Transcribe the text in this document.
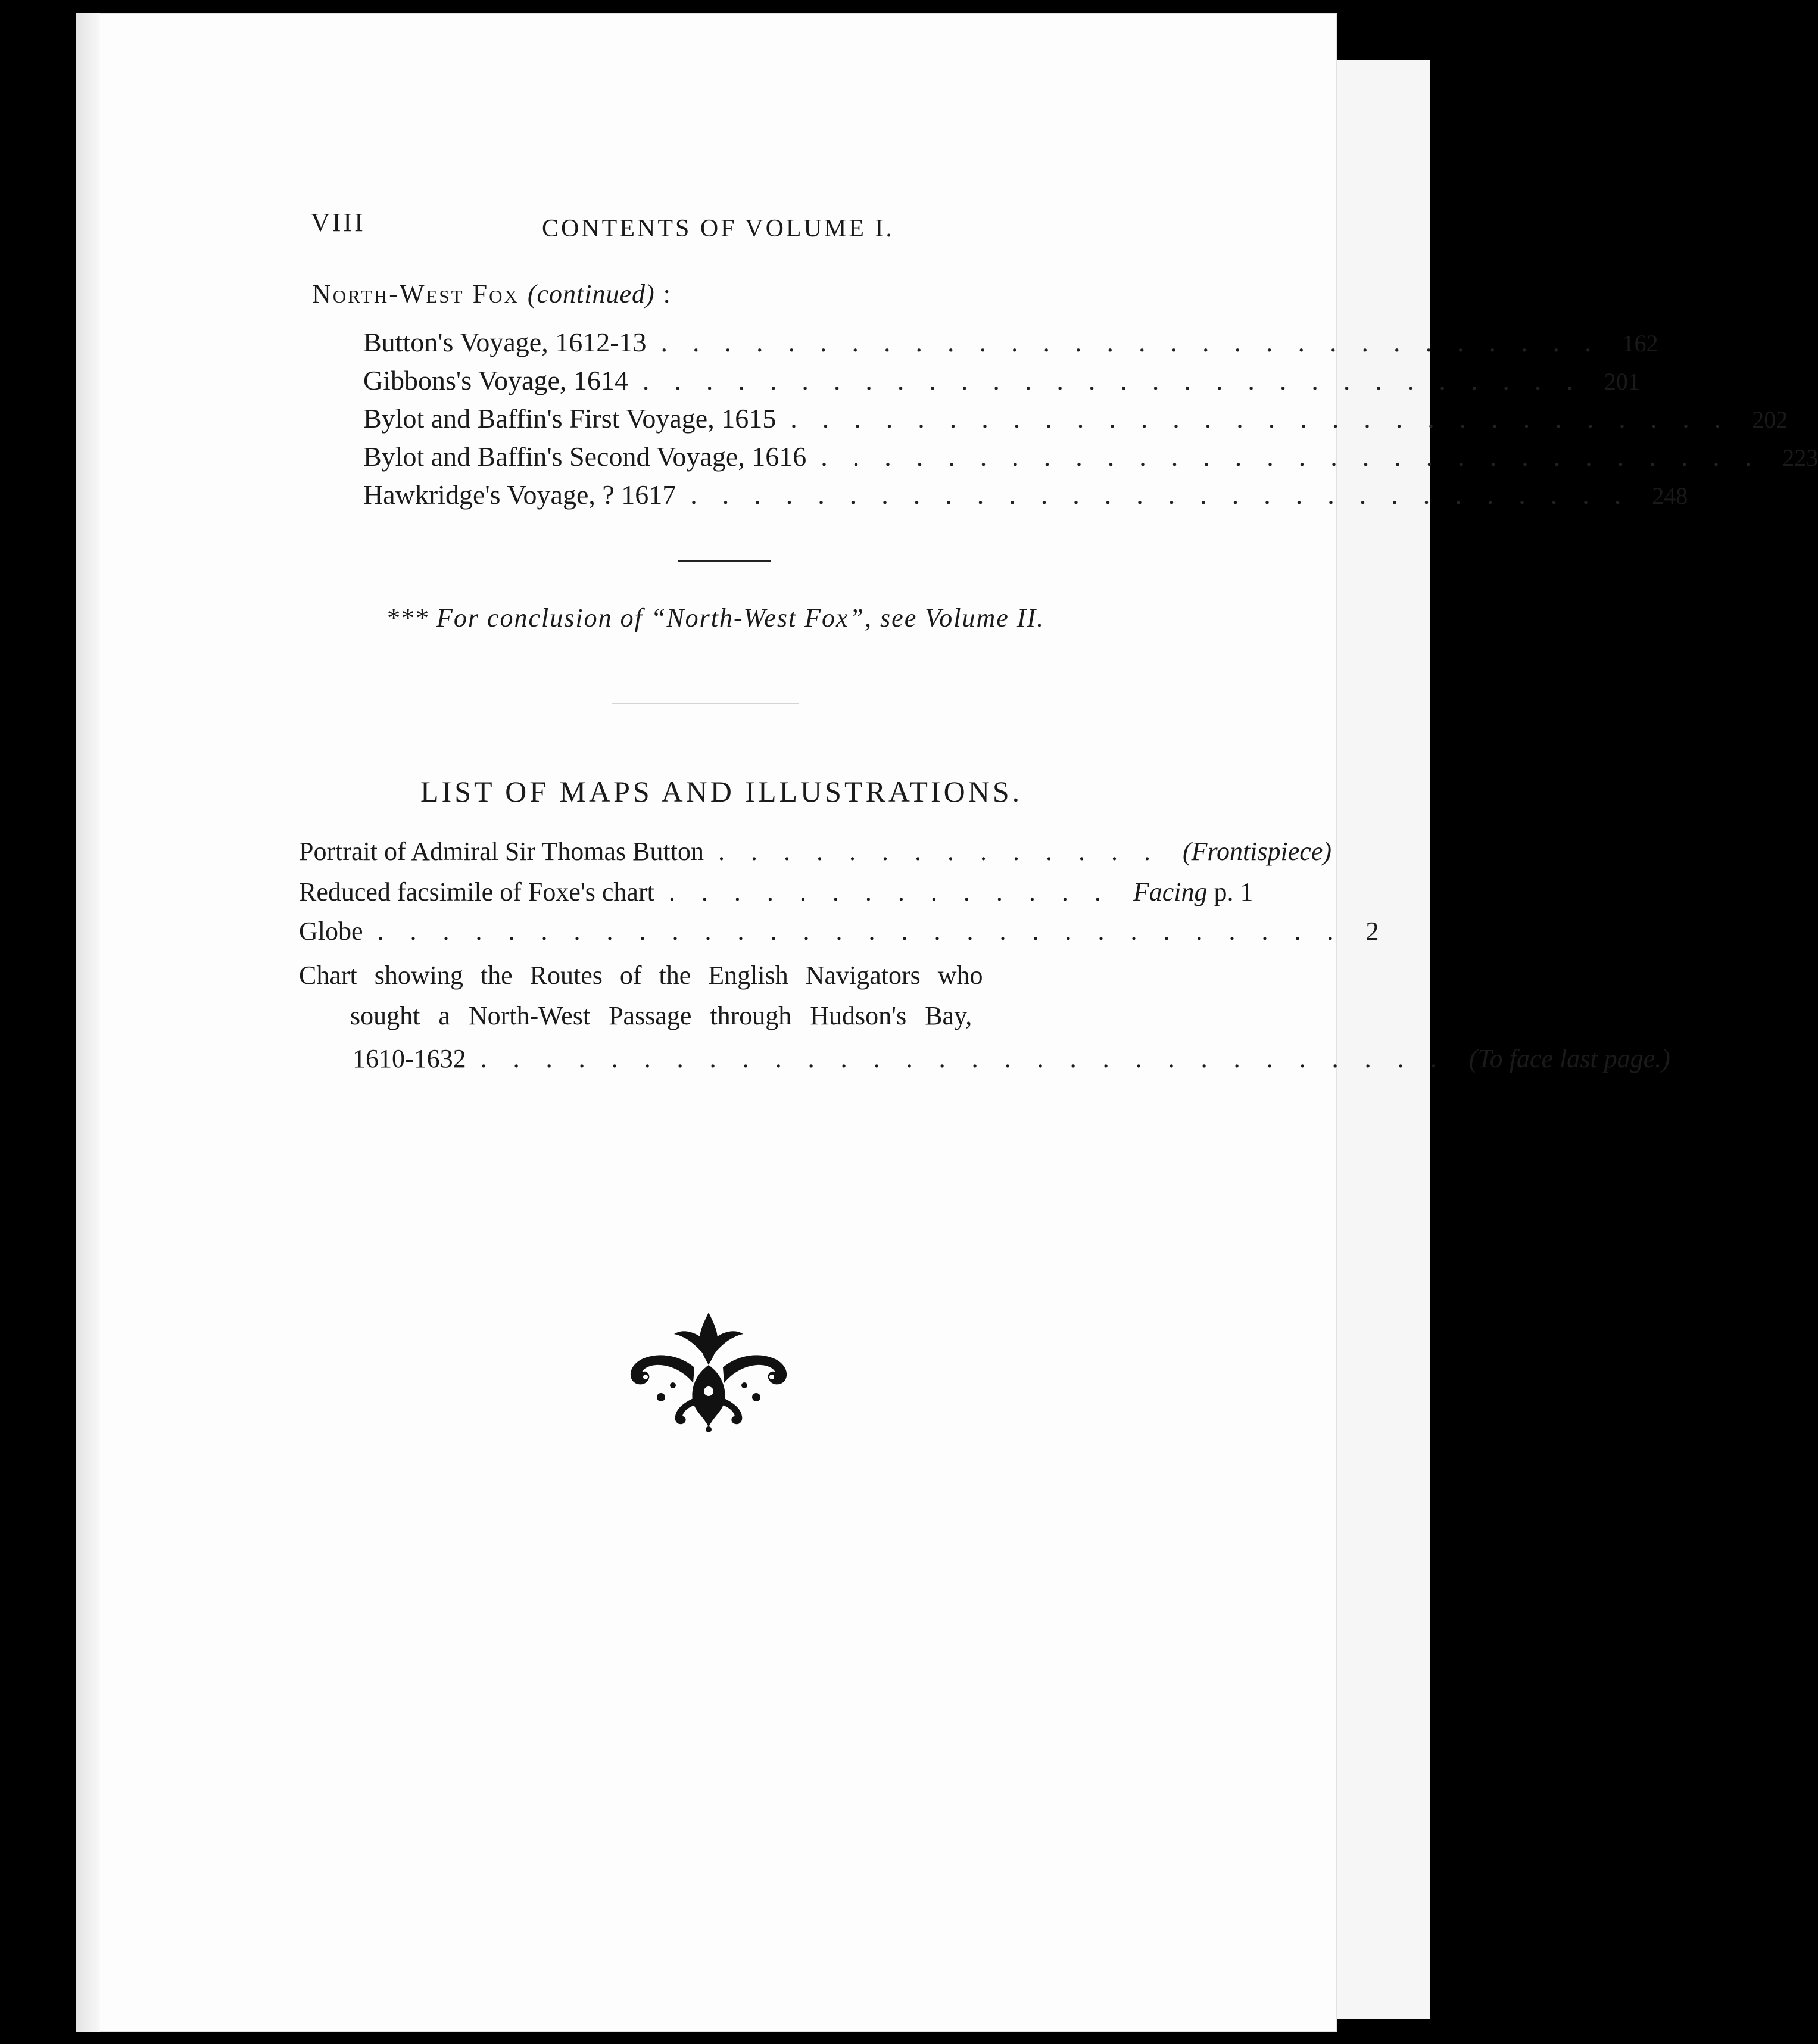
VIII	CONTENTS OF VOLUME I.
North-West Fox (continued) :
Button's Voyage, 1612-13 .............................. 162
Gibbons's Voyage, 1614 .............................. 201
Bylot and Baffin's First Voyage, 1615 .............................. 202
Bylot and Baffin's Second Voyage, 1616 .............................. 223
Hawkridge's Voyage, ? 1617 .............................. 248
*** For conclusion of “North-West Fox”, see Volume II.
LIST OF MAPS AND ILLUSTRATIONS.
Portrait of Admiral Sir Thomas Button .............. (Frontispiece)
Reduced facsimile of Foxe's chart .............. Facing p. 1
Globe .............................. 2
Chart showing the Routes of the English Navigators who
sought a North-West Passage through Hudson's Bay,
1610-1632 .............................. (To face last page.)
